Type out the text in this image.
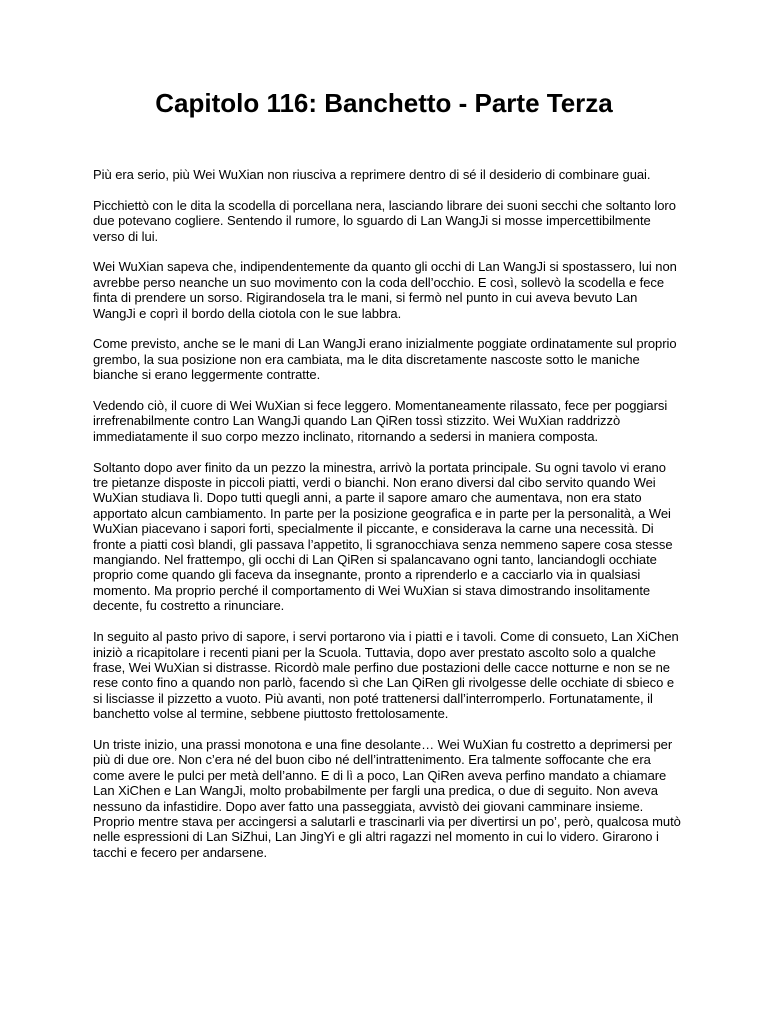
Capitolo 116: Banchetto - Parte Terza

Più era serio, più Wei WuXian non riusciva a reprimere dentro di sé il desiderio di combinare guai.

Picchiettò con le dita la scodella di porcellana nera, lasciando librare dei suoni secchi che soltanto loro due potevano cogliere. Sentendo il rumore, lo sguardo di Lan WangJi si mosse impercettibilmente verso di lui.

Wei WuXian sapeva che, indipendentemente da quanto gli occhi di Lan WangJi si spostassero, lui non avrebbe perso neanche un suo movimento con la coda dell’occhio. E così, sollevò la scodella e fece finta di prendere un sorso. Rigirandosela tra le mani, si fermò nel punto in cui aveva bevuto Lan WangJi e coprì il bordo della ciotola con le sue labbra.

Come previsto, anche se le mani di Lan WangJi erano inizialmente poggiate ordinatamente sul proprio grembo, la sua posizione non era cambiata, ma le dita discretamente nascoste sotto le maniche bianche si erano leggermente contratte.

Vedendo ciò, il cuore di Wei WuXian si fece leggero. Momentaneamente rilassato, fece per poggiarsi irrefrenabilmente contro Lan WangJi quando Lan QiRen tossì stizzito. Wei WuXian raddrizzò immediatamente il suo corpo mezzo inclinato, ritornando a sedersi in maniera composta.

Soltanto dopo aver finito da un pezzo la minestra, arrivò la portata principale. Su ogni tavolo vi erano tre pietanze disposte in piccoli piatti, verdi o bianchi. Non erano diversi dal cibo servito quando Wei WuXian studiava lì. Dopo tutti quegli anni, a parte il sapore amaro che aumentava, non era stato apportato alcun cambiamento. In parte per la posizione geografica e in parte per la personalità, a Wei WuXian piacevano i sapori forti, specialmente il piccante, e considerava la carne una necessità. Di fronte a piatti così blandi, gli passava l’appetito, li sgranocchiava senza nemmeno sapere cosa stesse mangiando. Nel frattempo, gli occhi di Lan QiRen si spalancavano ogni tanto, lanciandogli occhiate proprio come quando gli faceva da insegnante, pronto a riprenderlo e a cacciarlo via in qualsiasi momento. Ma proprio perché il comportamento di Wei WuXian si stava dimostrando insolitamente decente, fu costretto a rinunciare.

In seguito al pasto privo di sapore, i servi portarono via i piatti e i tavoli. Come di consueto, Lan XiChen iniziò a ricapitolare i recenti piani per la Scuola. Tuttavia, dopo aver prestato ascolto solo a qualche frase, Wei WuXian si distrasse. Ricordò male perfino due postazioni delle cacce notturne e non se ne rese conto fino a quando non parlò, facendo sì che Lan QiRen gli rivolgesse delle occhiate di sbieco e si lisciasse il pizzetto a vuoto. Più avanti, non poté trattenersi dall’interromperlo. Fortunatamente, il banchetto volse al termine, sebbene piuttosto frettolosamente.

Un triste inizio, una prassi monotona e una fine desolante… Wei WuXian fu costretto a deprimersi per più di due ore. Non c’era né del buon cibo né dell’intrattenimento. Era talmente soffocante che era come avere le pulci per metà dell’anno. E di lì a poco, Lan QiRen aveva perfino mandato a chiamare Lan XiChen e Lan WangJi, molto probabilmente per fargli una predica, o due di seguito. Non aveva nessuno da infastidire. Dopo aver fatto una passeggiata, avvistò dei giovani camminare insieme. Proprio mentre stava per accingersi a salutarli e trascinarli via per divertirsi un po’, però, qualcosa mutò nelle espressioni di Lan SiZhui, Lan JingYi e gli altri ragazzi nel momento in cui lo videro. Girarono i tacchi e fecero per andarsene.
